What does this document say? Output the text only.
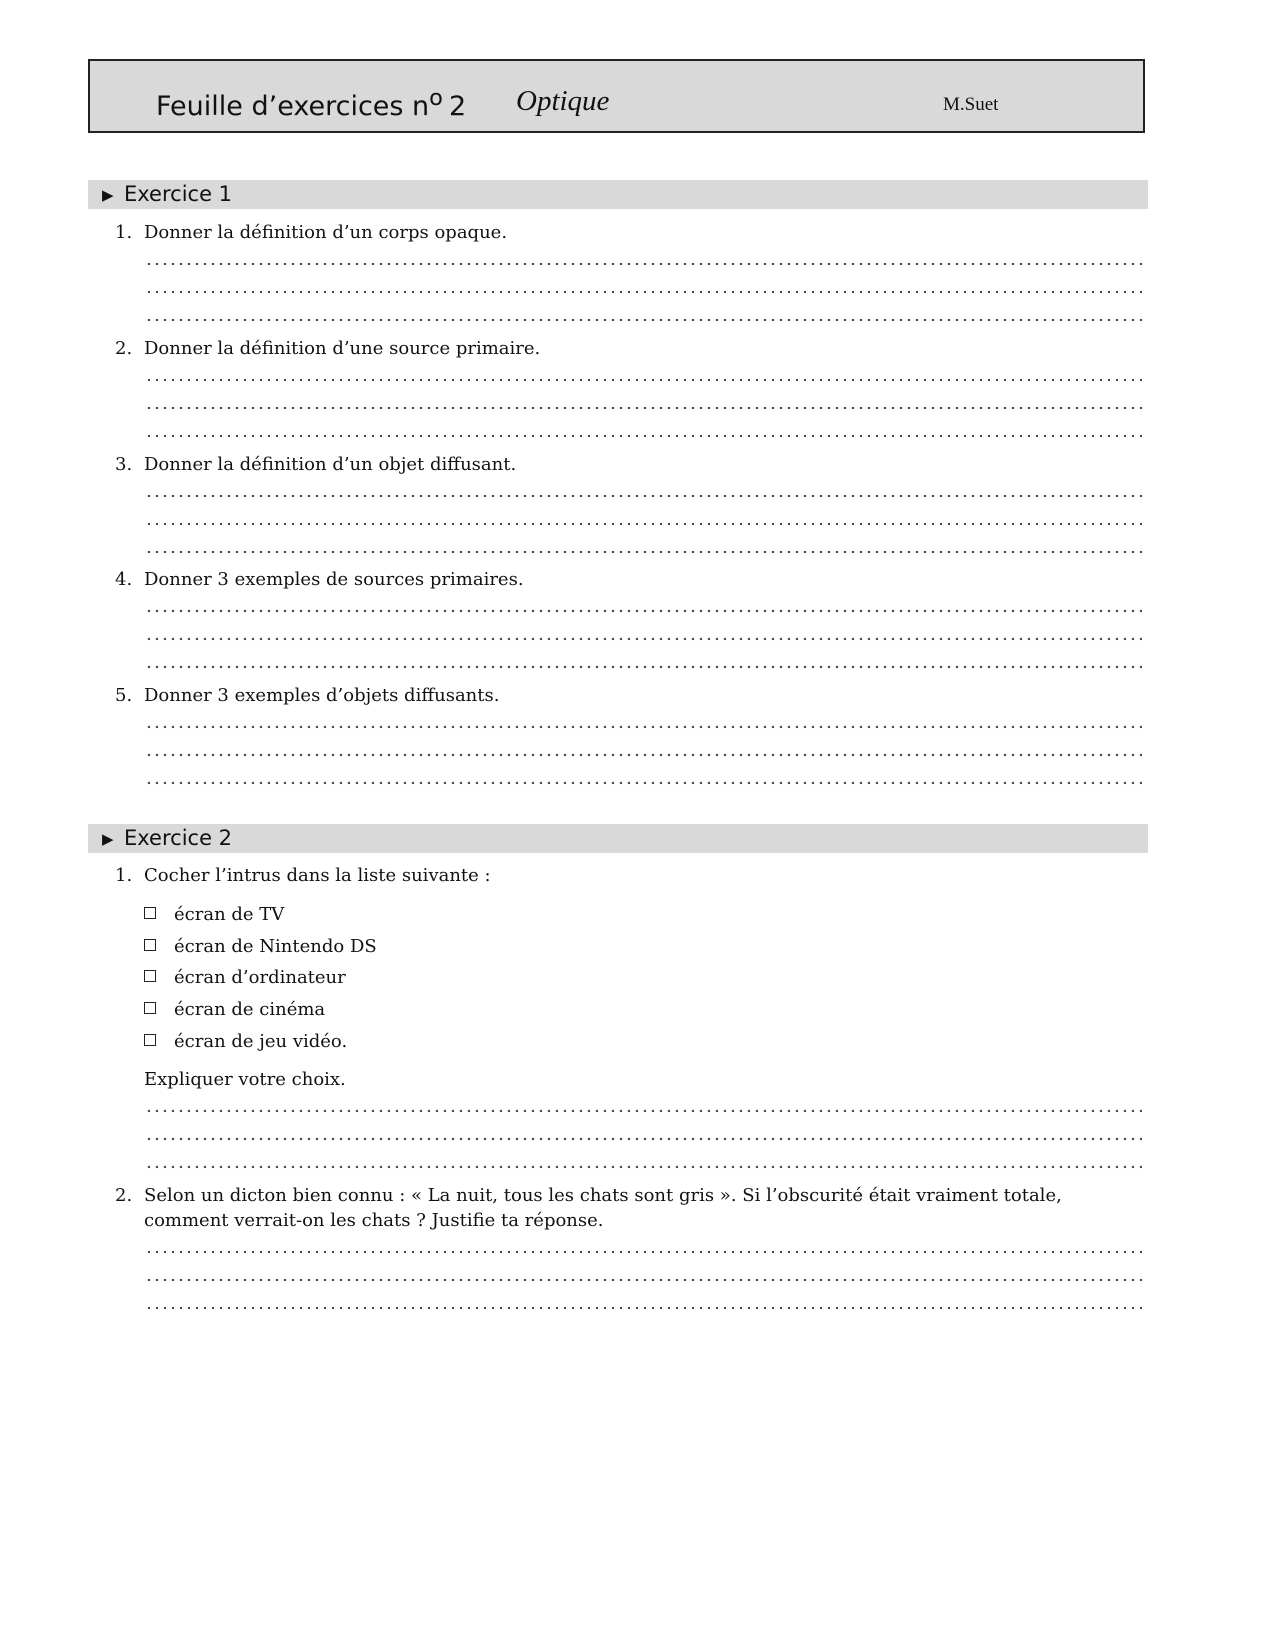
Feuille d’exercices $n^o$ 2 Optique	M.Suet
▶ Exercice 1
1. Donner la définition d’un corps opaque.
2. Donner la définition d’une source primaire.
3. Donner la définition d’un objet diffusant.
4. Donner 3 exemples de sources primaires.
5. Donner 3 exemples d’objets diffusants.
▶ Exercice 2
1. Cocher l’intrus dans la liste suivante :
écran de TV
écran de Nintendo DS
écran d’ordinateur
écran de cinéma
écran de jeu vidéo.
Expliquer votre choix.
2. Selon un dicton bien connu : « La nuit, tous les chats sont gris ». Si l’obscurité était vraiment totale, comment verrait-on les chats ? Justifie ta réponse.
